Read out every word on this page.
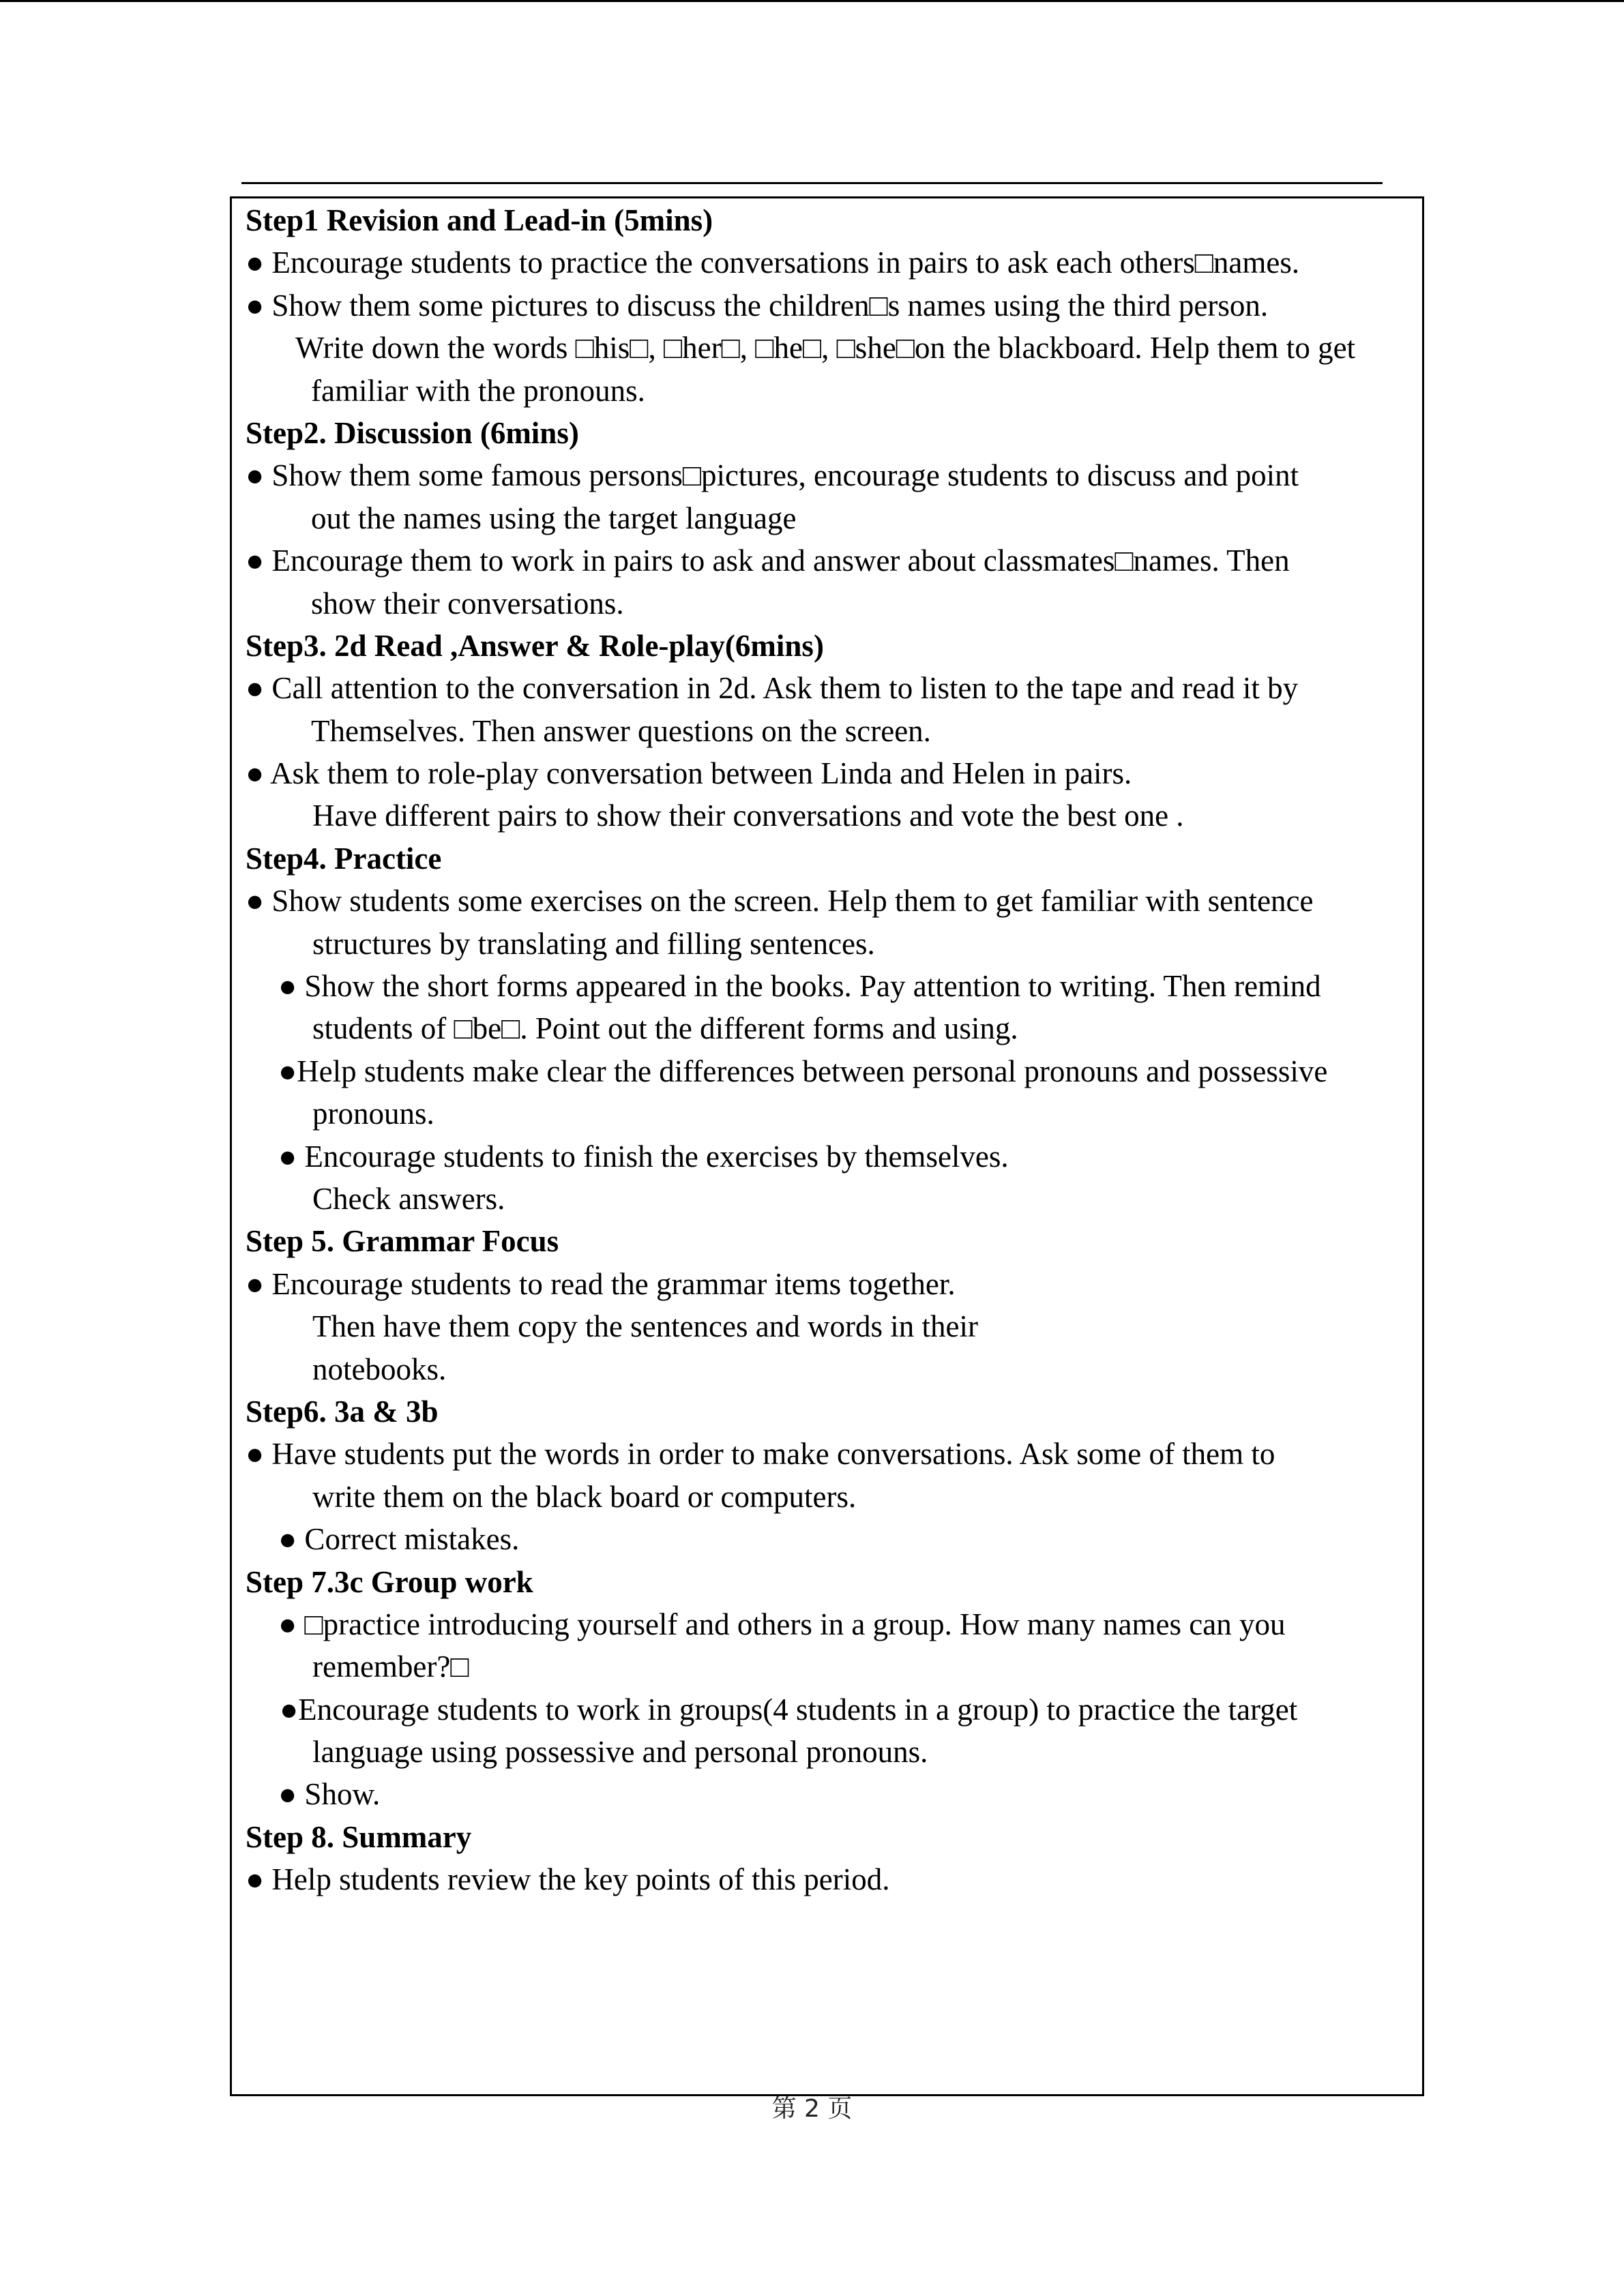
Step1 Revision and Lead-in (5mins)
● Encourage students to practice the conversations in pairs to ask each others□names.
● Show them some pictures to discuss the children□s names using the third person.
Write down the words □his□, □her□, □he□, □she□on the blackboard. Help them to get
familiar with the pronouns.
Step2. Discussion (6mins)
● Show them some famous persons□pictures, encourage students to discuss and point
out the names using the target language
● Encourage them to work in pairs to ask and answer about classmates□names. Then
show their conversations.
Step3. 2d Read ,Answer & Role-play(6mins)
● Call attention to the conversation in 2d. Ask them to listen to the tape and read it by
Themselves. Then answer questions on the screen.
● Ask them to role-play conversation between Linda and Helen in pairs.
Have different pairs to show their conversations and vote the best one .
Step4. Practice
● Show students some exercises on the screen. Help them to get familiar with sentence
structures by translating and filling sentences.
● Show the short forms appeared in the books. Pay attention to writing. Then remind
students of □be□. Point out the different forms and using.
●Help students make clear the differences between personal pronouns and possessive
pronouns.
● Encourage students to finish the exercises by themselves.
Check answers.
Step 5. Grammar Focus
● Encourage students to read the grammar items together.
Then have them copy the sentences and words in their
notebooks.
Step6. 3a & 3b
● Have students put the words in order to make conversations. Ask some of them to
write them on the black board or computers.
● Correct mistakes.
Step 7.3c Group work
● □practice introducing yourself and others in a group. How many names can you
remember?□
●Encourage students to work in groups(4 students in a group) to practice the target
language using possessive and personal pronouns.
● Show.
Step 8. Summary
● Help students review the key points of this period.
第 2 页
